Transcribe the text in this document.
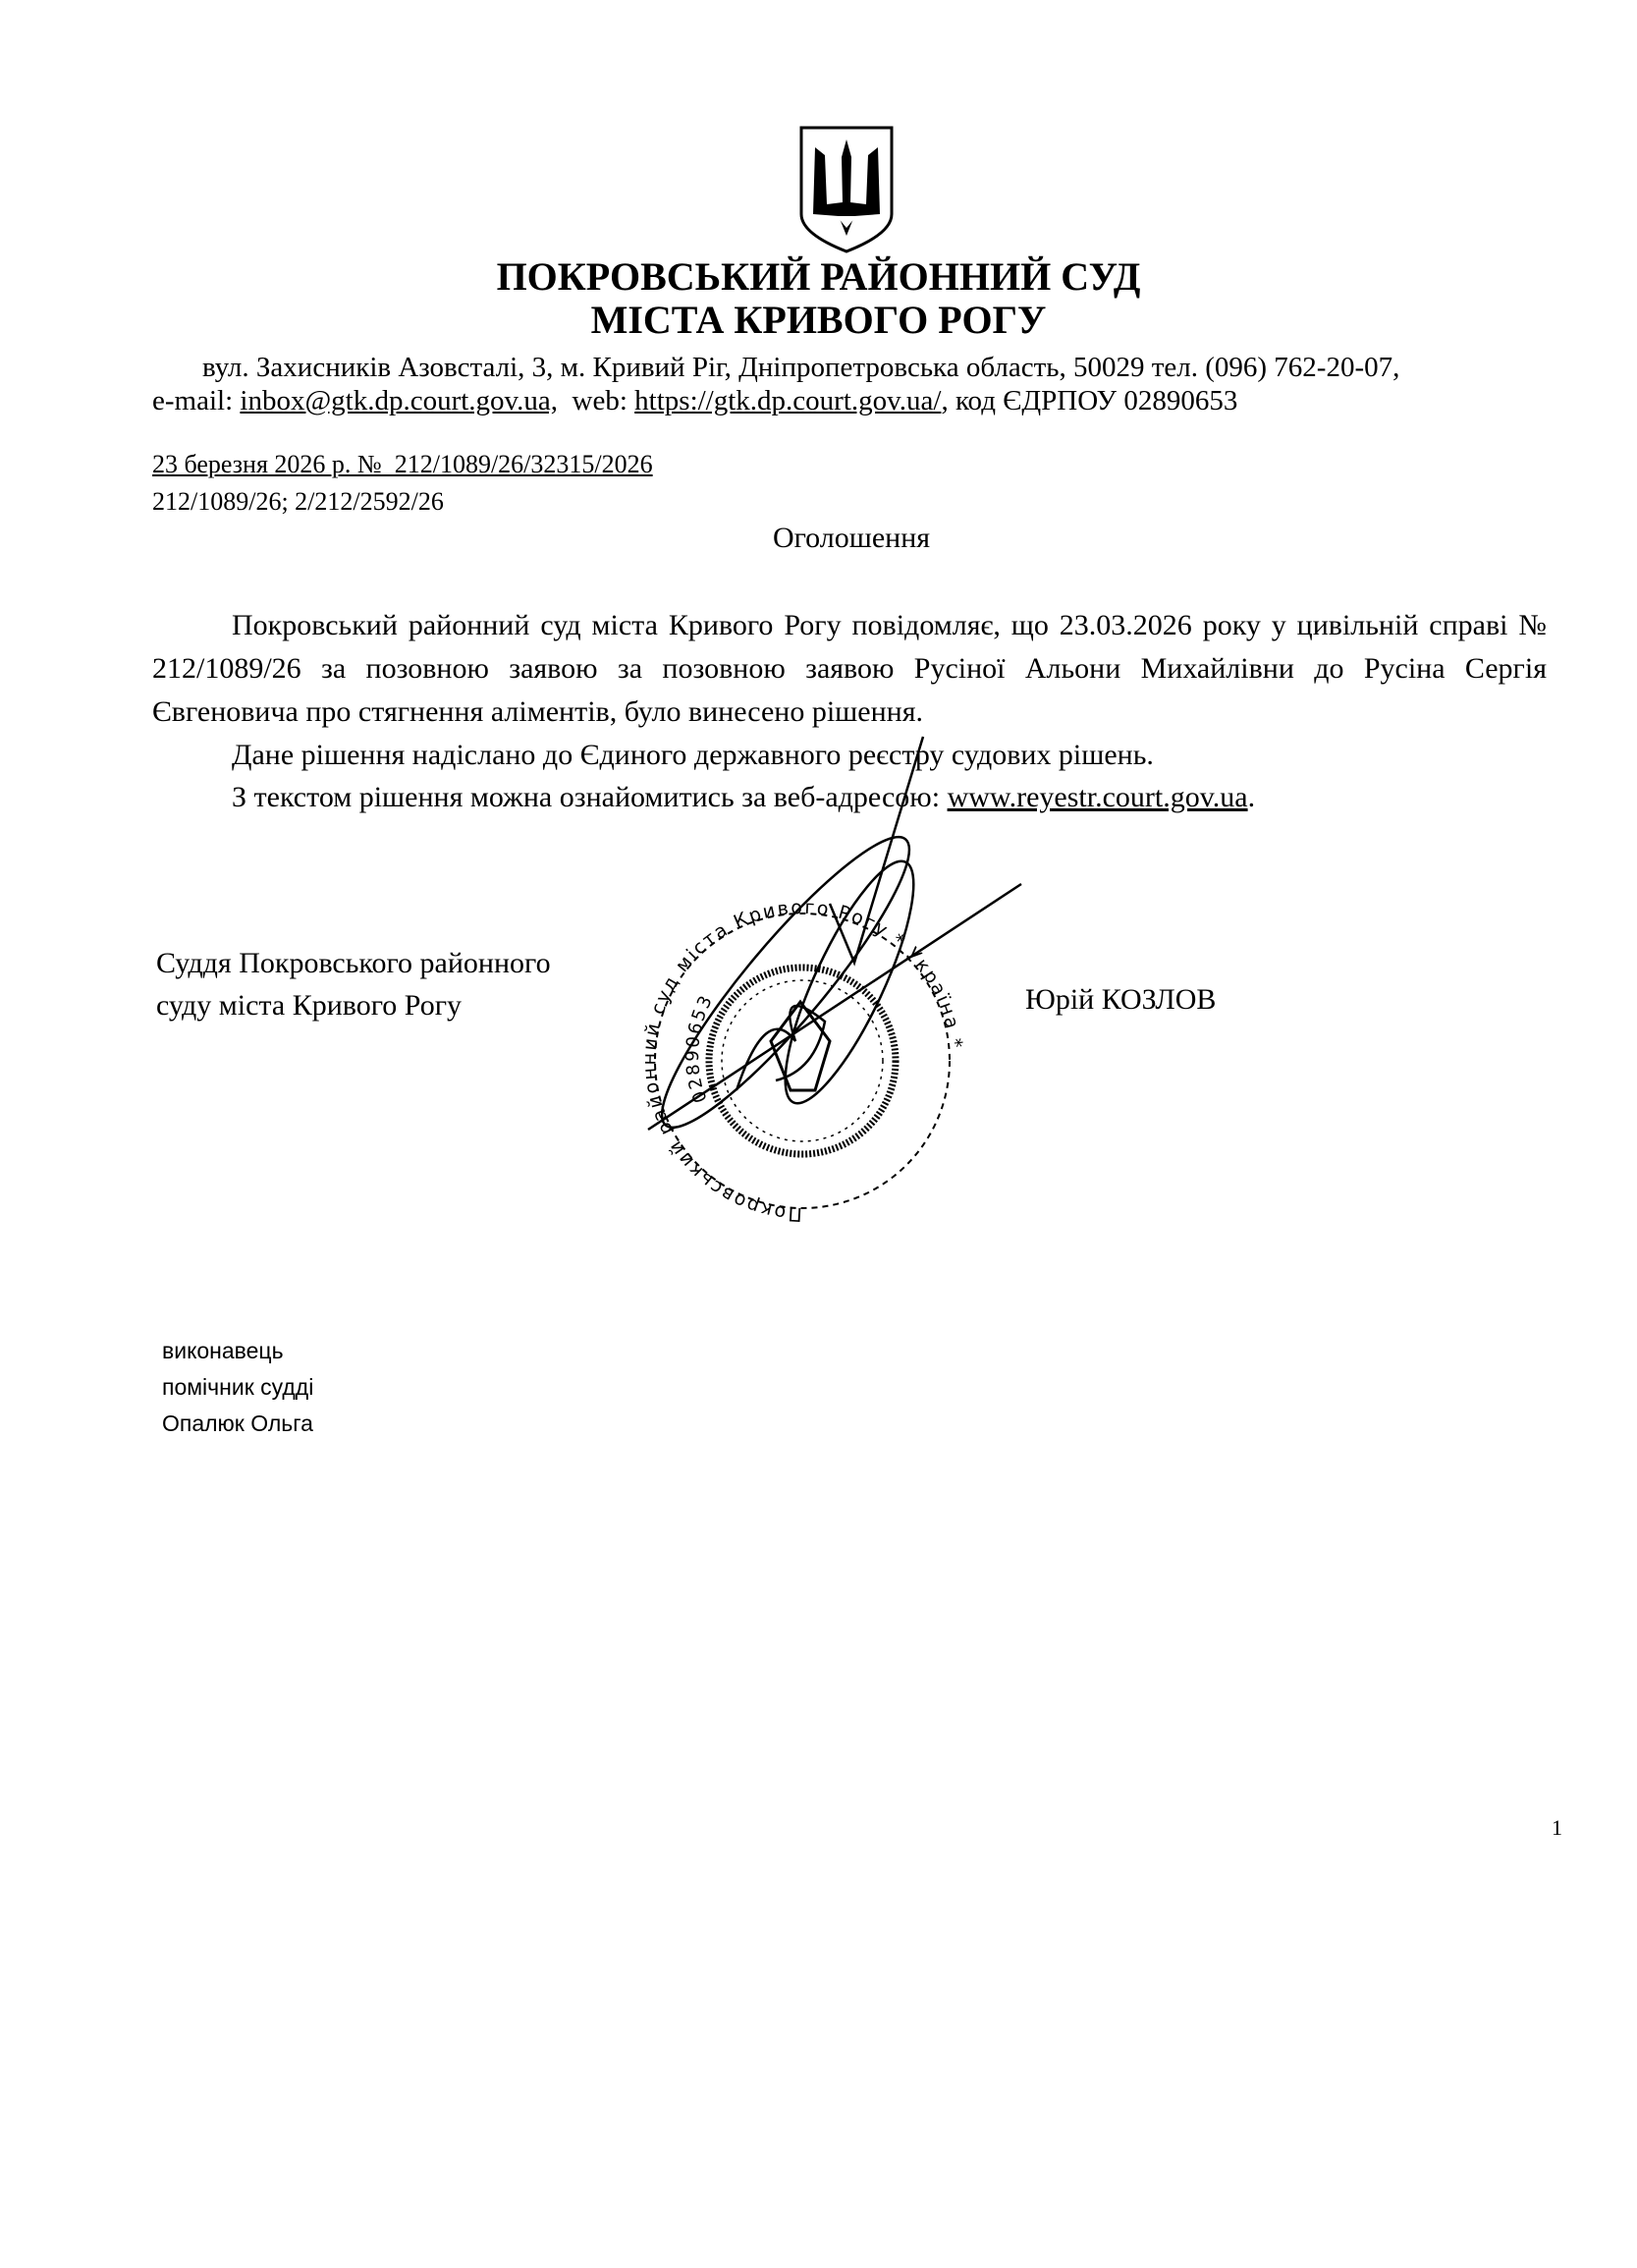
ПОКРОВСЬКИЙ РАЙОННИЙ СУД
МІСТА КРИВОГО РОГУ
вул. Захисників Азовсталі, 3, м. Кривий Ріг, Дніпропетровська область, 50029 тел. (096) 762-20-07,
e-mail: inbox@gtk.dp.court.gov.ua,  web: https://gtk.dp.court.gov.ua/, код ЄДРПОУ 02890653
23 березня 2026 р. №  212/1089/26/32315/2026
212/1089/26; 2/212/2592/26
Оголошення
Покровський районний суд міста Кривого Рогу повідомляє, що 23.03.2026 року у цивільній справі № 212/1089/26 за позовною заявою за позовною заявою Русіної Альони Михайлівни до Русіна Сергія Євгеновича про стягнення аліментів, було винесено рішення.
Дане рішення надіслано до Єдиного державного реєстру судових рішень.
З текстом рішення можна ознайомитись за веб-адресою: www.reyestr.court.gov.ua.
Суддя Покровського районного
суду міста Кривого Рогу	Юрій КОЗЛОВ
Покровський районний суд міста Кривого Рогу * Україна *
02890653
виконавець
помічник судді
Опалюк Ольга
1
